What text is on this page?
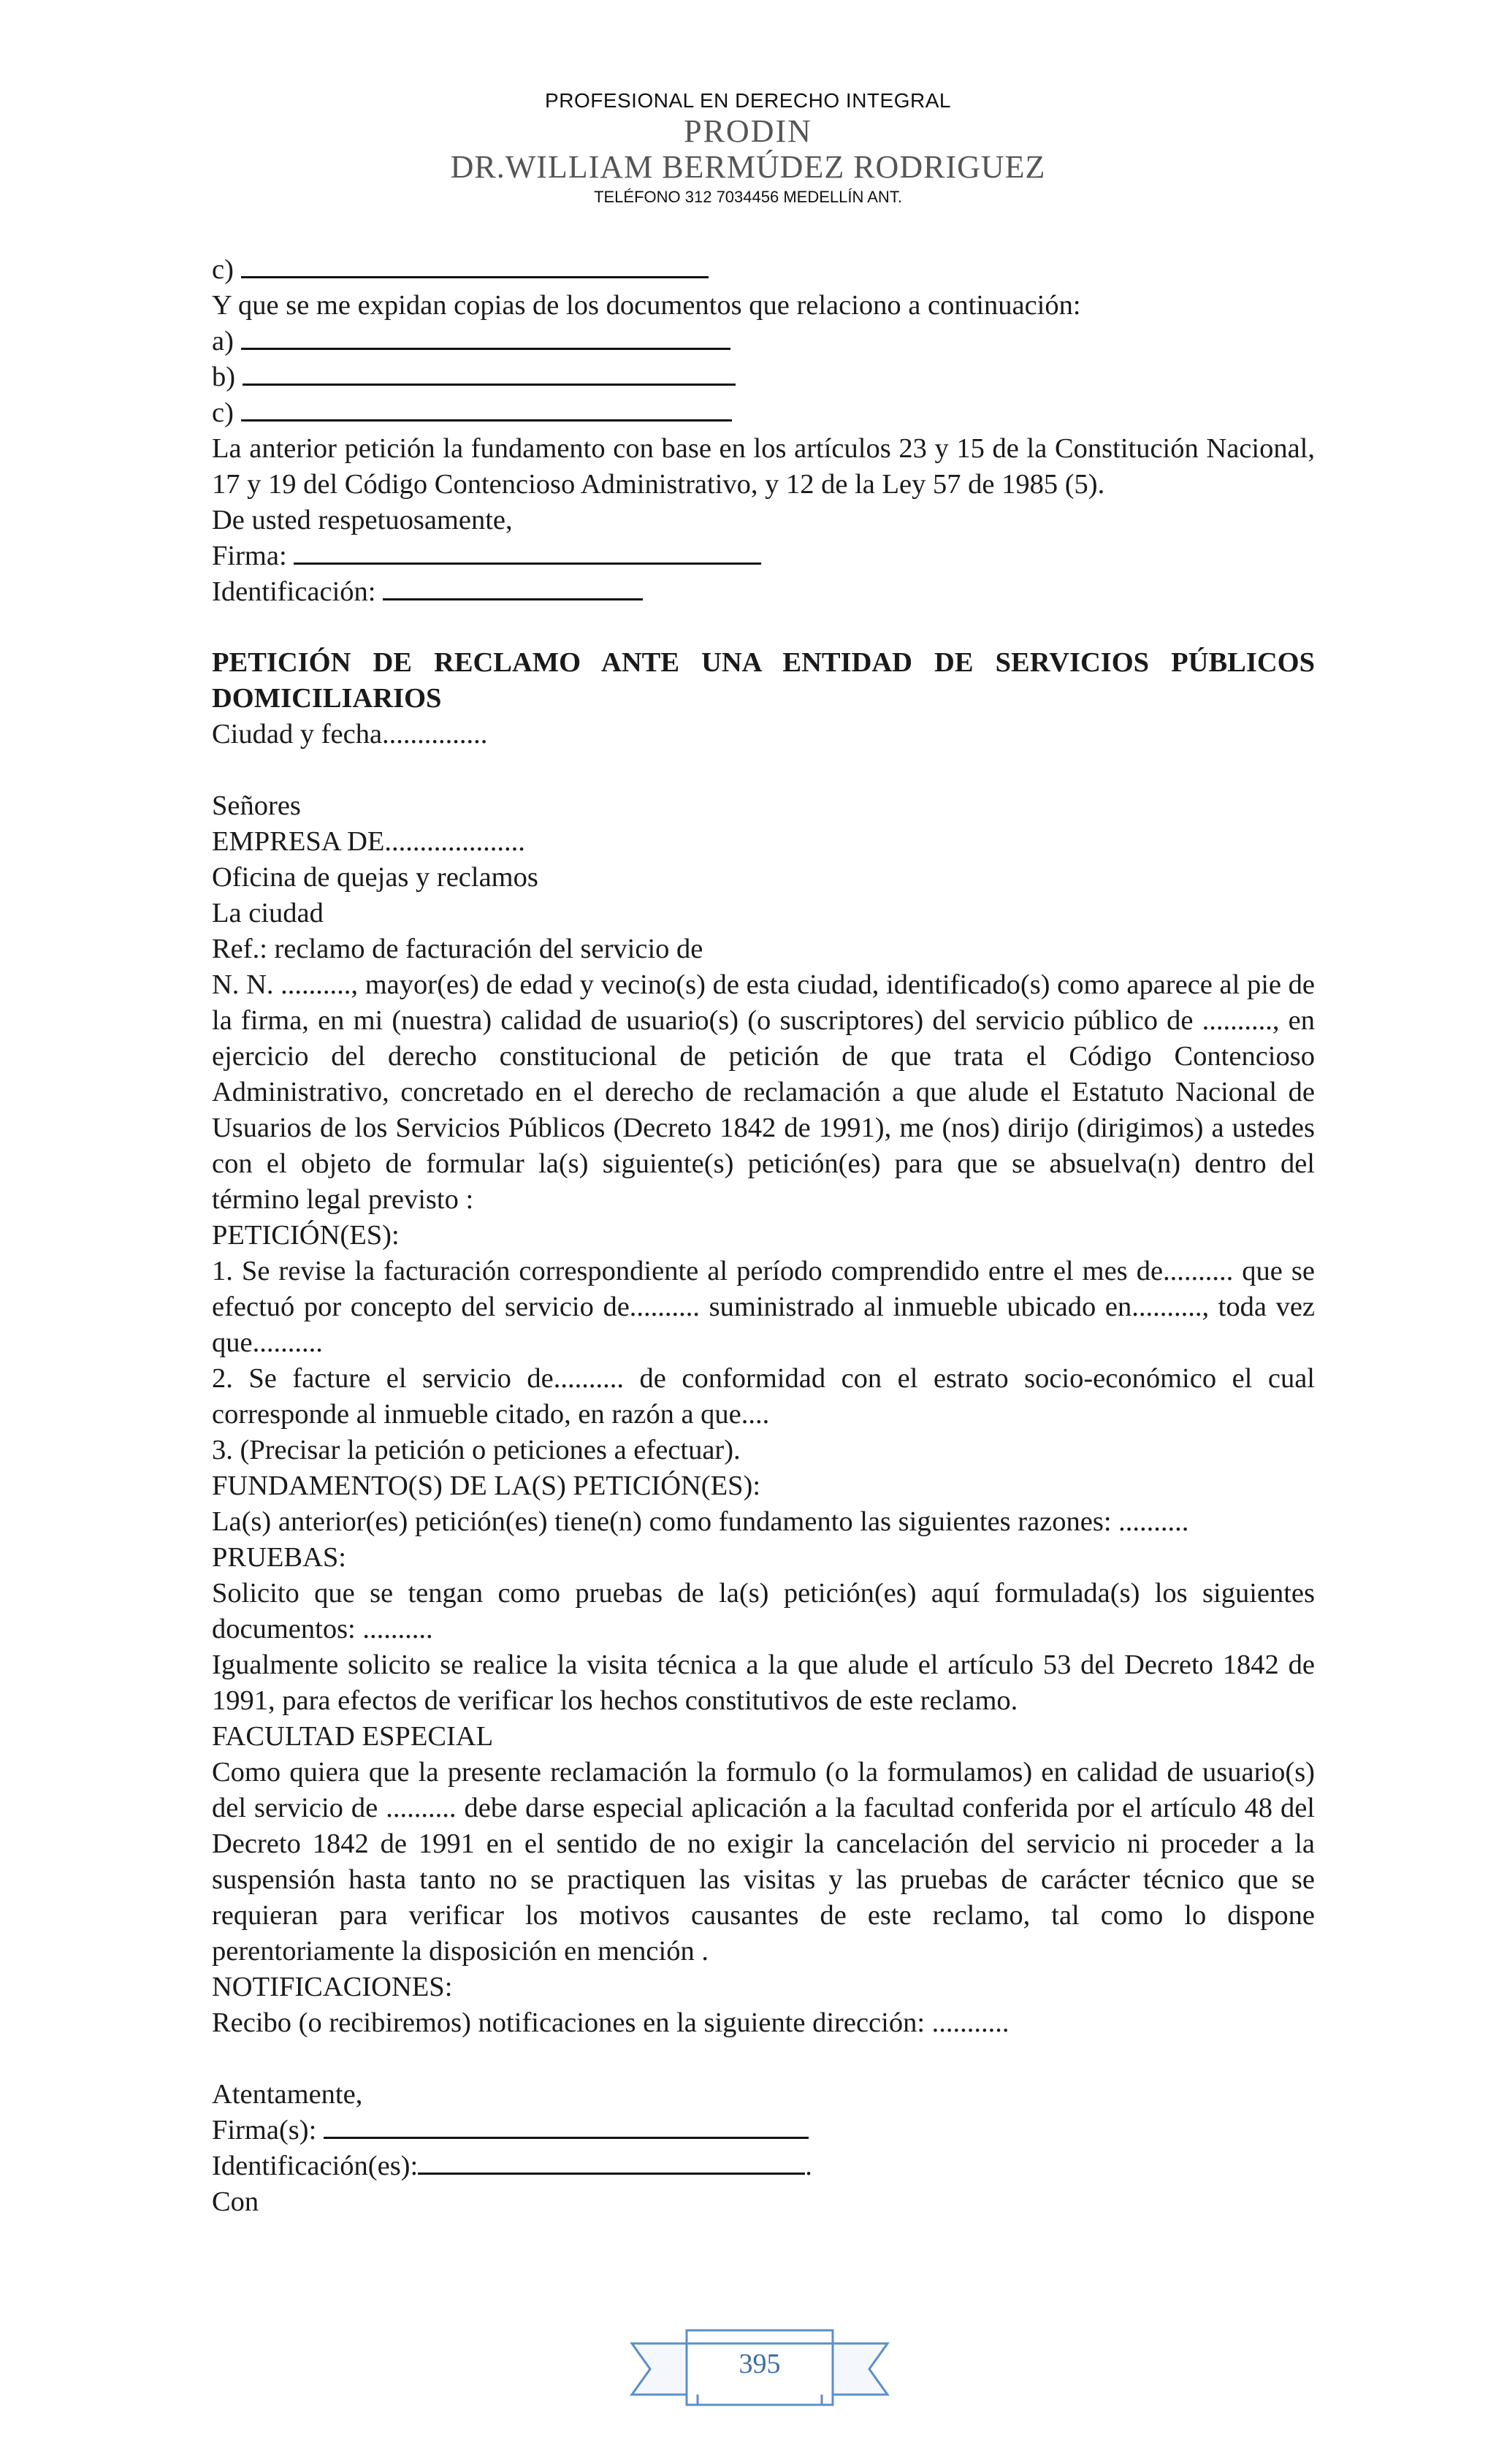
PROFESIONAL EN DERECHO INTEGRAL
PRODIN
DR.WILLIAM BERMÚDEZ RODRIGUEZ
TELÉFONO 312 7034456 MEDELLÍN ANT.

c)

Y que se me expidan copias de los documentos que relaciono a continuación:

a)

b)

c)

La anterior petición la fundamento con base en los artículos 23 y 15 de la Constitución Nacional, 17 y 19 del Código Contencioso Administrativo, y 12 de la Ley 57 de 1985 (5).

De usted respetuosamente,

Firma:

Identificación:

PETICIÓN DE RECLAMO ANTE UNA ENTIDAD DE SERVICIOS PÚBLICOS DOMICILIARIOS

Ciudad y fecha...............

Señores

EMPRESA DE....................

Oficina de quejas y reclamos

La ciudad

Ref.: reclamo de facturación del servicio de

N. N. .........., mayor(es) de edad y vecino(s) de esta ciudad, identificado(s) como aparece al pie de la firma, en mi (nuestra) calidad de usuario(s) (o suscriptores) del servicio público de .........., en ejercicio del derecho constitucional de petición de que trata el Código Contencioso Administrativo, concretado en el derecho de reclamación a que alude el Estatuto Nacional de Usuarios de los Servicios Públicos (Decreto 1842 de 1991), me (nos) dirijo (dirigimos) a ustedes con el objeto de formular la(s) siguiente(s) petición(es) para que se absuelva(n) dentro del término legal previsto :

PETICIÓN(ES):

1. Se revise la facturación correspondiente al período comprendido entre el mes de.......... que se efectuó por concepto del servicio de.......... suministrado al inmueble ubicado en.........., toda vez que..........

2. Se facture el servicio de.......... de conformidad con el estrato socio-económico el cual corresponde al inmueble citado, en razón a que....

3. (Precisar la petición o peticiones a efectuar).

FUNDAMENTO(S) DE LA(S) PETICIÓN(ES):

La(s) anterior(es) petición(es) tiene(n) como fundamento las siguientes razones: ..........

PRUEBAS:

Solicito que se tengan como pruebas de la(s) petición(es) aquí formulada(s) los siguientes documentos: ..........

Igualmente solicito se realice la visita técnica a la que alude el artículo 53 del Decreto 1842 de 1991, para efectos de verificar los hechos constitutivos de este reclamo.

FACULTAD ESPECIAL

Como quiera que la presente reclamación la formulo (o la formulamos) en calidad de usuario(s) del servicio de .......... debe darse especial aplicación a la facultad conferida por el artículo 48 del Decreto 1842 de 1991 en el sentido de no exigir la cancelación del servicio ni proceder a la suspensión hasta tanto no se practiquen las visitas y las pruebas de carácter técnico que se requieran para verificar los motivos causantes de este reclamo, tal como lo dispone perentoriamente la disposición en mención .

NOTIFICACIONES:

Recibo (o recibiremos) notificaciones en la siguiente dirección: ...........

Atentamente,

Firma(s):

Identificación(es):	.

Con

395
